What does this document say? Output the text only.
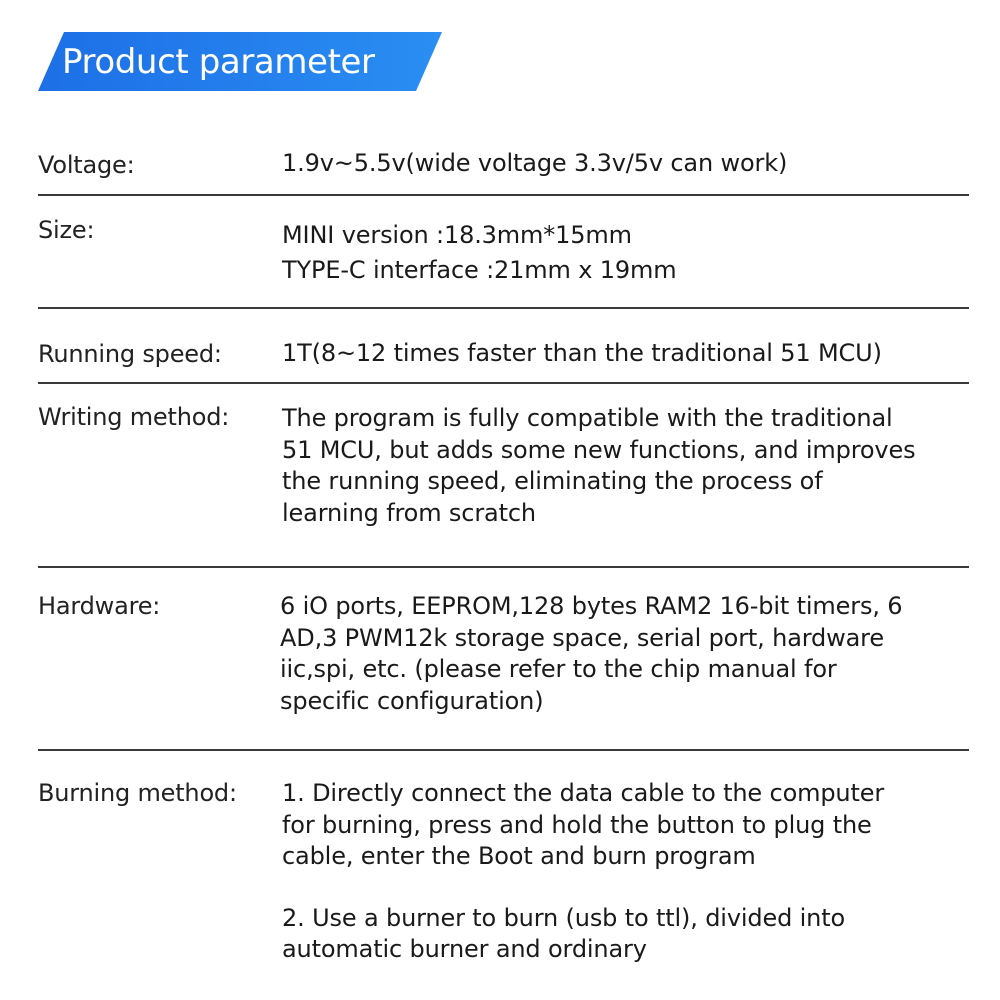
Product parameter
Voltage:	1.9v~5.5v(wide voltage 3.3v/5v can work)
Size:	MINI version :18.3mm*15mm
TYPE-C interface :21mm x 19mm
Running speed:	1T(8~12 times faster than the traditional 51 MCU)
Writing method: The program is fully compatible with the traditional
51 MCU, but adds some new functions, and improves
the running speed, eliminating the process of
learning from scratch
Hardware:	6 iO ports, EEPROM,128 bytes RAM2 16-bit timers, 6
AD,3 PWM12k storage space, serial port, hardware
iic,spi, etc. (please refer to the chip manual for
specific configuration)
Burning method: 1. Directly connect the data cable to the computer
for burning, press and hold the button to plug the
cable, enter the Boot and burn program
2. Use a burner to burn (usb to ttl), divided into
automatic burner and ordinary
